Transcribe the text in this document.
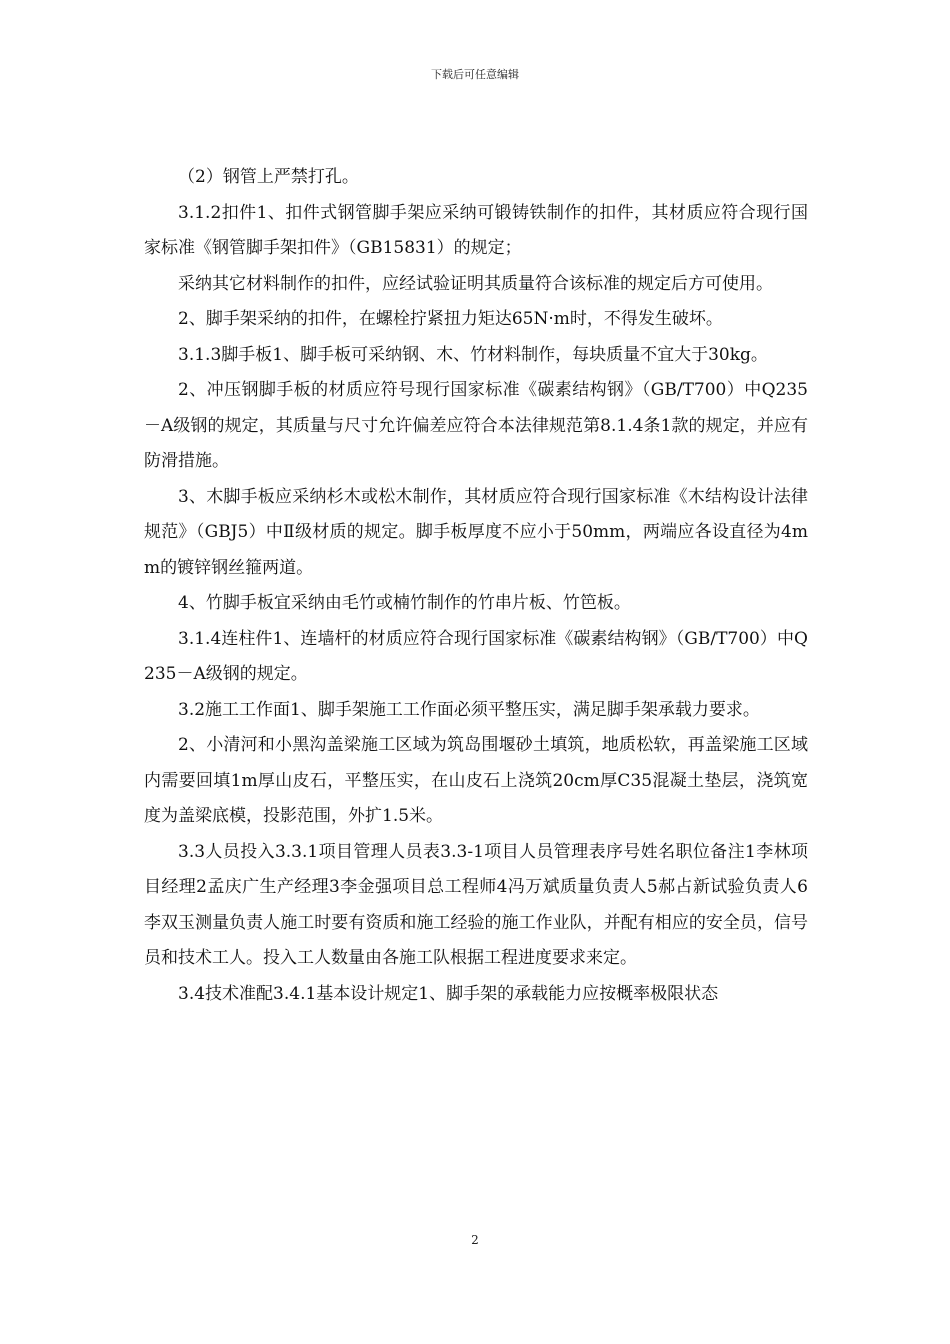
下载后可任意编辑

（2）钢管上严禁打孔。

3.1.2扣件1、扣件式钢管脚手架应采纳可锻铸铁制作的扣件，其材质应符合现行国家标准《钢管脚手架扣件》（GB15831）的规定；

采纳其它材料制作的扣件，应经试验证明其质量符合该标准的规定后方可使用。

2、脚手架采纳的扣件，在螺栓拧紧扭力矩达65N·m时，不得发生破坏。

3.1.3脚手板1、脚手板可采纳钢、木、竹材料制作，每块质量不宜大于30kg。

2、冲压钢脚手板的材质应符号现行国家标准《碳素结构钢》（GB/T700）中Q235－A级钢的规定，其质量与尺寸允许偏差应符合本法律规范第8.1.4条1款的规定，并应有防滑措施。

3、木脚手板应采纳杉木或松木制作，其材质应符合现行国家标准《木结构设计法律规范》（GBJ5）中Ⅱ级材质的规定。脚手板厚度不应小于50mm，两端应各设直径为4mm的镀锌钢丝箍两道。

4、竹脚手板宜采纳由毛竹或楠竹制作的竹串片板、竹笆板。

3.1.4连柱件1、连墙杆的材质应符合现行国家标准《碳素结构钢》（GB/T700）中Q235－A级钢的规定。

3.2施工工作面1、脚手架施工工作面必须平整压实，满足脚手架承载力要求。

2、小清河和小黑沟盖梁施工区域为筑岛围堰砂土填筑，地质松软，再盖梁施工区域内需要回填1m厚山皮石，平整压实，在山皮石上浇筑20cm厚C35混凝土垫层，浇筑宽度为盖梁底模，投影范围，外扩1.5米。

3.3人员投入3.3.1项目管理人员表3.3-1项目人员管理表序号姓名职位备注1李林项目经理2孟庆广生产经理3李金强项目总工程师4冯万斌质量负责人5郝占新试验负责人6李双玉测量负责人施工时要有资质和施工经验的施工作业队，并配有相应的安全员，信号员和技术工人。投入工人数量由各施工队根据工程进度要求来定。

3.4技术准配3.4.1基本设计规定1、脚手架的承载能力应按概率极限状态

2
